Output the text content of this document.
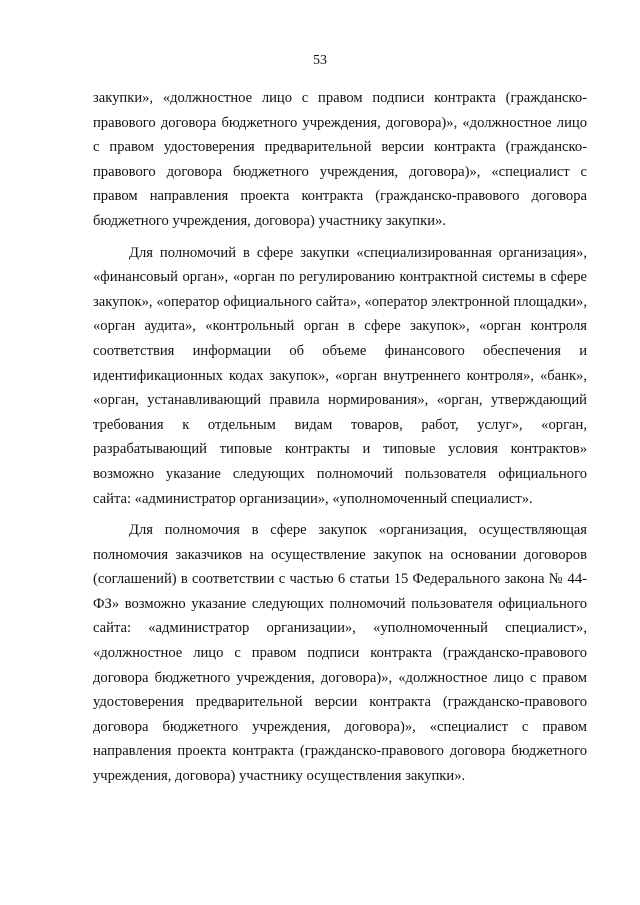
53

закупки», «должностное лицо с правом подписи контракта (гражданско-правового договора бюджетного учреждения, договора)», «должностное лицо с правом удостоверения предварительной версии контракта (гражданско-правового договора бюджетного учреждения, договора)», «специалист с правом направления проекта контракта (гражданско-правового договора бюджетного учреждения, договора) участнику закупки».

Для полномочий в сфере закупки «специализированная организация», «финансовый орган», «орган по регулированию контрактной системы в сфере закупок», «оператор официального сайта», «оператор электронной площадки», «орган аудита», «контрольный орган в сфере закупок», «орган контроля соответствия информации об объеме финансового обеспечения и идентификационных кодах закупок», «орган внутреннего контроля», «банк», «орган, устанавливающий правила нормирования», «орган, утверждающий требования к отдельным видам товаров, работ, услуг», «орган, разрабатывающий типовые контракты и типовые условия контрактов» возможно указание следующих полномочий пользователя официального сайта: «администратор организации», «уполномоченный специалист».

Для полномочия в сфере закупок «организация, осуществляющая полномочия заказчиков на осуществление закупок на основании договоров (соглашений) в соответствии с частью 6 статьи 15 Федерального закона № 44-ФЗ» возможно указание следующих полномочий пользователя официального сайта: «администратор организации», «уполномоченный специалист», «должностное лицо с правом подписи контракта (гражданско-правового договора бюджетного учреждения, договора)», «должностное лицо с правом удостоверения предварительной версии контракта (гражданско-правового договора бюджетного учреждения, договора)», «специалист с правом направления проекта контракта (гражданско-правового договора бюджетного учреждения, договора) участнику осуществления закупки».
